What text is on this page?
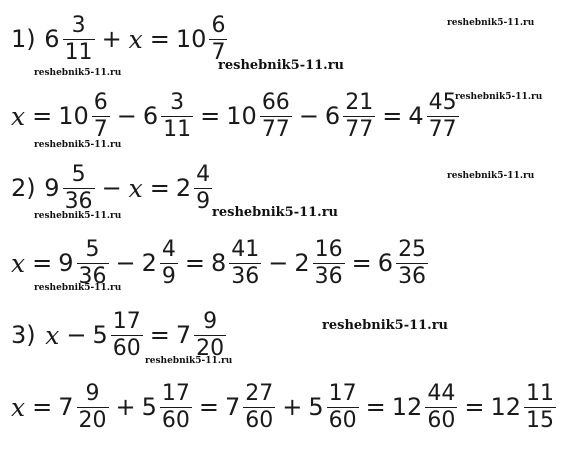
1)
$6 \frac{3}{11} + x = 10 \frac{6}{7}$
$x = 10 \frac{6}{7} - 6 \frac{3}{11} = 10 \frac{66}{77} - 6 \frac{21}{77} = 4 \frac{45}{77}$
2)
$9 \frac{5}{36} - x = 2 \frac{4}{9}$
$x = 9 \frac{5}{36} - 2 \frac{4}{9} = 8 \frac{41}{36} - 2 \frac{16}{36} = 6 \frac{25}{36}$
3)
$x - 5 \frac{17}{60} = 7 \frac{9}{20}$
$x = 7 \frac{9}{20} + 5 \frac{17}{60} = 7 \frac{27}{60} + 5 \frac{17}{60} = 12 \frac{44}{60} = 12 \frac{11}{15}$
reshebnik5-11.ru
reshebnik5-11.ru
reshebnik5-11.ru
reshebnik5-11.ru
reshebnik5-11.ru
reshebnik5-11.ru
reshebnik5-11.ru
reshebnik5-11.ru
reshebnik5-11.ru
reshebnik5-11.ru
reshebnik5-11.ru
